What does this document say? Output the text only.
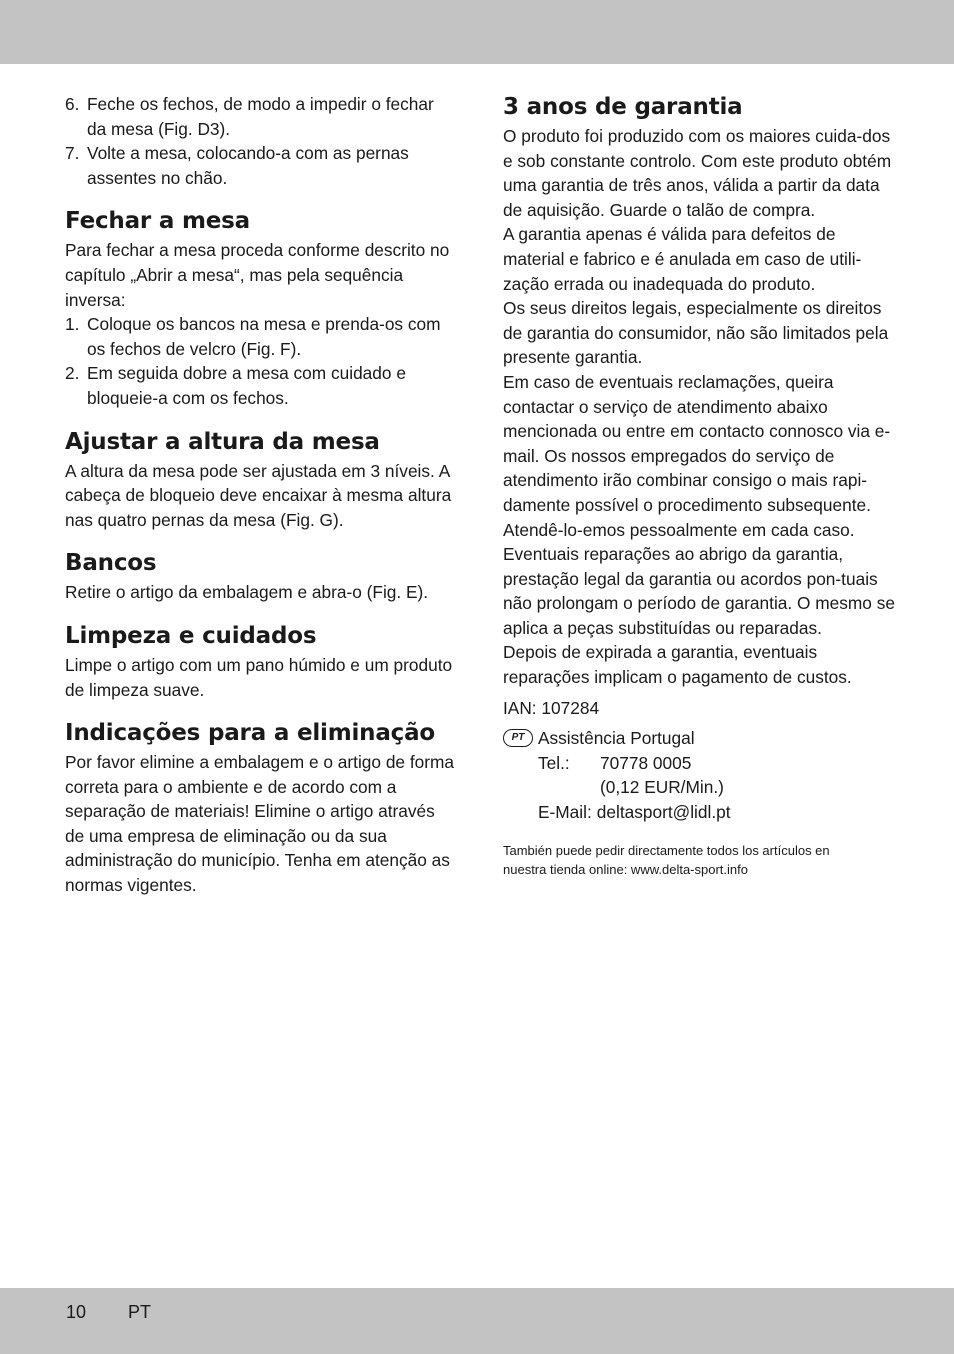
6. Feche os fechos, de modo a impedir o fechar da mesa (Fig. D3).
7. Volte a mesa, colocando-a com as pernas assentes no chão.
Fechar a mesa

Para fechar a mesa proceda conforme descrito no capítulo „Abrir a mesa“, mas pela sequência inversa:

1. Coloque os bancos na mesa e prenda-os com os fechos de velcro (Fig. F).
2. Em seguida dobre a mesa com cuidado e bloqueie-a com os fechos.
Ajustar a altura da mesa

A altura da mesa pode ser ajustada em 3 níveis. A cabeça de bloqueio deve encaixar à mesma altura nas quatro pernas da mesa (Fig. G).

Bancos

Retire o artigo da embalagem e abra-o (Fig. E).

Limpeza e cuidados

Limpe o artigo com um pano húmido e um produto de limpeza suave.

Indicações para a eliminação

Por favor elimine a embalagem e o artigo de forma correta para o ambiente e de acordo com a separação de materiais! Elimine o artigo através de uma empresa de eliminação ou da sua administração do município. Tenha em atenção as normas vigentes.

3 anos de garantia

O produto foi produzido com os maiores cuida-dos e sob constante controlo. Com este produto obtém uma garantia de três anos, válida a partir da data de aquisição. Guarde o talão de compra.

A garantia apenas é válida para defeitos de material e fabrico e é anulada em caso de utili-zação errada ou inadequada do produto.

Os seus direitos legais, especialmente os direitos de garantia do consumidor, não são limitados pela presente garantia.

Em caso de eventuais reclamações, queira contactar o serviço de atendimento abaixo mencionada ou entre em contacto connosco via e-mail. Os nossos empregados do serviço de atendimento irão combinar consigo o mais rapi-damente possível o procedimento subsequente. Atendê-lo-emos pessoalmente em cada caso.

Eventuais reparações ao abrigo da garantia, prestação legal da garantia ou acordos pon-tuais não prolongam o período de garantia. O mesmo se aplica a peças substituídas ou reparadas.

Depois de expirada a garantia, eventuais reparações implicam o pagamento de custos.

IAN: 107284

PT Assistência Portugal
Tel.:	70778 0005
(0,12 EUR/Min.)
E-Mail: deltasport@lidl.pt

También puede pedir directamente todos los artículos en nuestra tienda online: www.delta-sport.info

10 PT
